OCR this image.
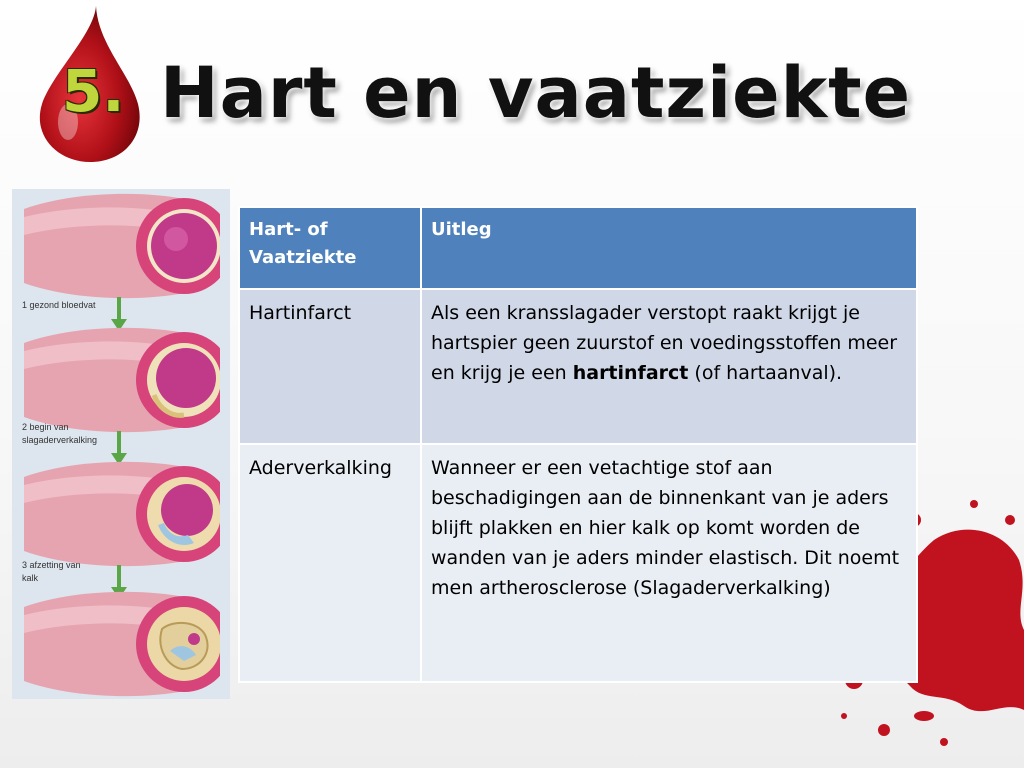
5. Hart en vaatziekte
1 gezond bloedvat
2 begin van
slagaderverkalking
3 afzetting van
kalk
Hart- of Vaatziekte	Uitleg
Hartinfarct	Als een kransslagader verstopt raakt krijgt je hartspier geen zuurstof en voedingsstoffen meer en krijg je een hartinfarct (of hartaanval).
Aderverkalking	Wanneer er een vetachtige stof aan beschadigingen aan de binnenkant van je aders blijft plakken en hier kalk op komt worden de wanden van je aders minder elastisch. Dit noemt men artherosclerose (Slagaderverkalking)
